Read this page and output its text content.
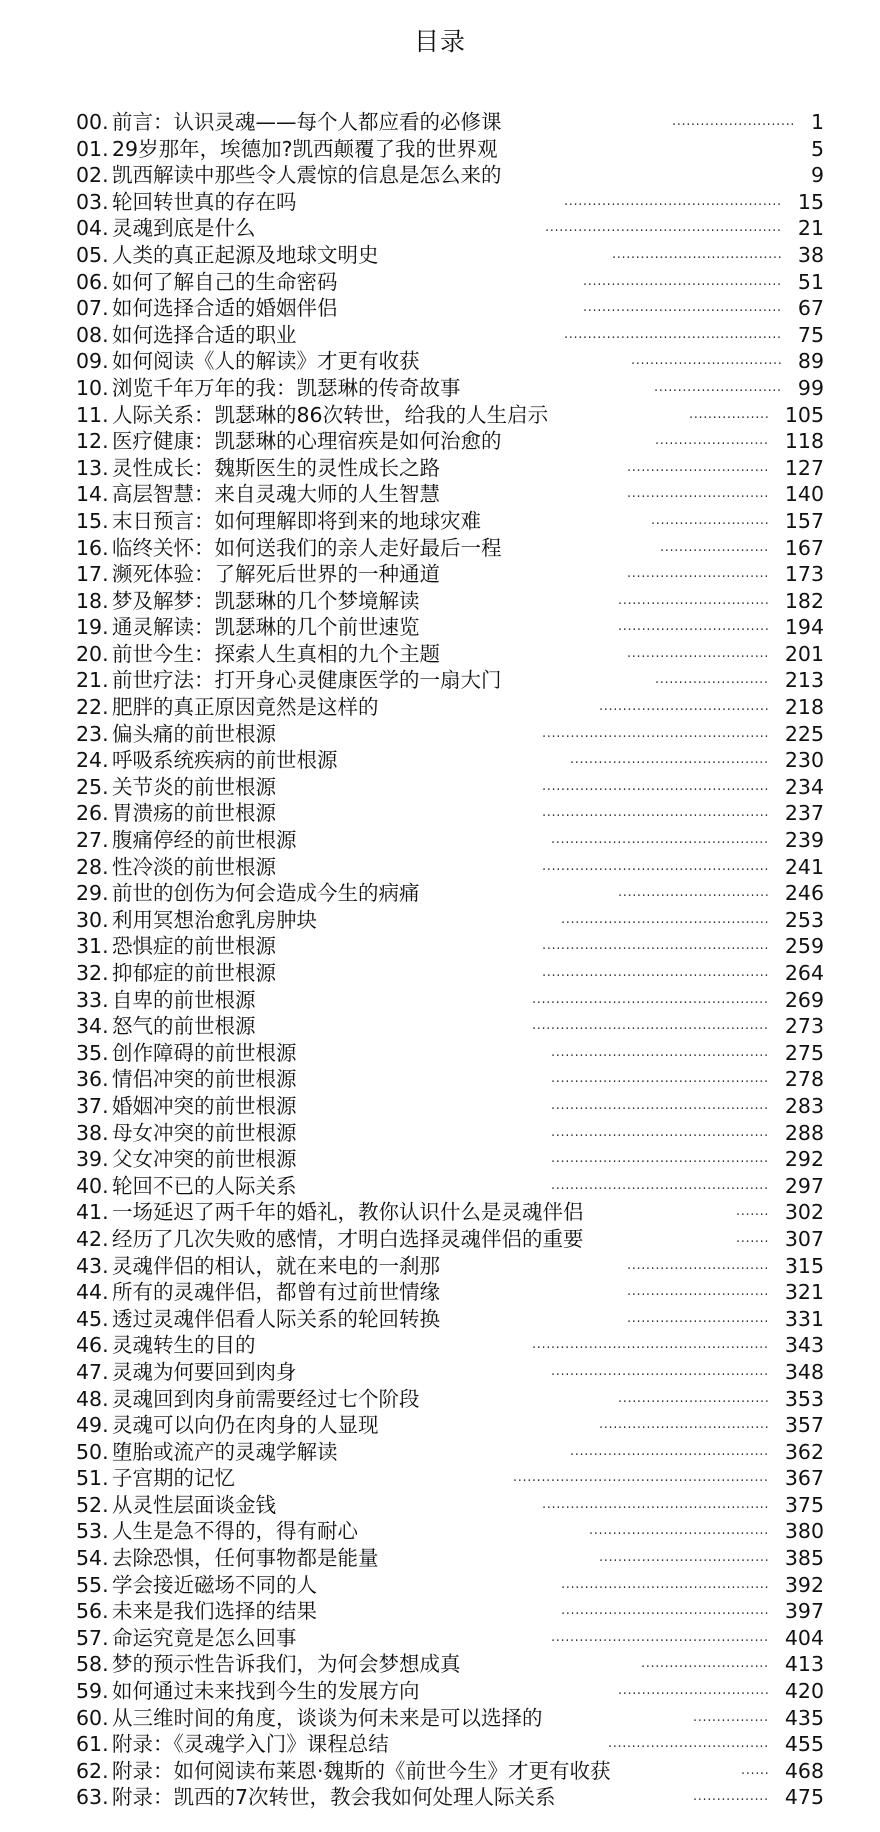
目录
00. 前言：认识灵魂——每个人都应看的必修课	.......................... 1
01. 29岁那年，埃德加?凯西颠覆了我的世界观	5
02. 凯西解读中那些令人震惊的信息是怎么来的	9
03. 轮回转世真的存在吗	.............................................. 15
04. 灵魂到底是什么	.................................................. 21
05. 人类的真正起源及地球文明史	.................................... 38
06. 如何了解自己的生命密码	.......................................... 51
07. 如何选择合适的婚姻伴侣	.......................................... 67
08. 如何选择合适的职业	.............................................. 75
09. 如何阅读《人的解读》才更有收获	................................ 89
10. 浏览千年万年的我：凯瑟琳的传奇故事	........................... 99
11. 人际关系：凯瑟琳的86次转世，给我的人生启示	................. 105
12. 医疗健康：凯瑟琳的心理宿疾是如何治愈的	........................ 118
13. 灵性成长：魏斯医生的灵性成长之路	.............................. 127
14. 高层智慧：来自灵魂大师的人生智慧	.............................. 140
15. 末日预言：如何理解即将到来的地球灾难	......................... 157
16. 临终关怀：如何送我们的亲人走好最后一程	....................... 167
17. 濒死体验：了解死后世界的一种通道	.............................. 173
18. 梦及解梦：凯瑟琳的几个梦境解读	................................ 182
19. 通灵解读：凯瑟琳的几个前世速览	................................ 194
20. 前世今生：探索人生真相的九个主题	.............................. 201
21. 前世疗法：打开身心灵健康医学的一扇大门	........................ 213
22. 肥胖的真正原因竟然是这样的	.................................... 218
23. 偏头痛的前世根源	................................................ 225
24. 呼吸系统疾病的前世根源	.......................................... 230
25. 关节炎的前世根源	................................................ 234
26. 胃溃疡的前世根源	................................................ 237
27. 腹痛停经的前世根源	.............................................. 239
28. 性冷淡的前世根源	................................................ 241
29. 前世的创伤为何会造成今生的病痛	................................ 246
30. 利用冥想治愈乳房肿块	............................................ 253
31. 恐惧症的前世根源	................................................ 259
32. 抑郁症的前世根源	................................................ 264
33. 自卑的前世根源	.................................................. 269
34. 怒气的前世根源	.................................................. 273
35. 创作障碍的前世根源	.............................................. 275
36. 情侣冲突的前世根源	.............................................. 278
37. 婚姻冲突的前世根源	.............................................. 283
38. 母女冲突的前世根源	.............................................. 288
39. 父女冲突的前世根源	.............................................. 292
40. 轮回不已的人际关系	.............................................. 297
41. 一场延迟了两千年的婚礼，教你认识什么是灵魂伴侣	....... 302
42. 经历了几次失败的感情，才明白选择灵魂伴侣的重要	....... 307
43. 灵魂伴侣的相认，就在来电的一刹那	.............................. 315
44. 所有的灵魂伴侣，都曾有过前世情缘	.............................. 321
45. 透过灵魂伴侣看人际关系的轮回转换	.............................. 331
46. 灵魂转生的目的	.................................................. 343
47. 灵魂为何要回到肉身	.............................................. 348
48. 灵魂回到肉身前需要经过七个阶段	................................ 353
49. 灵魂可以向仍在肉身的人显现	.................................... 357
50. 堕胎或流产的灵魂学解读	.......................................... 362
51. 子宫期的记忆	...................................................... 367
52. 从灵性层面谈金钱	................................................ 375
53. 人生是急不得的，得有耐心	...................................... 380
54. 去除恐惧，任何事物都是能量	.................................... 385
55. 学会接近磁场不同的人	............................................ 392
56. 未来是我们选择的结果	............................................ 397
57. 命运究竟是怎么回事	.............................................. 404
58. 梦的预示性告诉我们，为何会梦想成真	........................... 413
59. 如何通过未来找到今生的发展方向	................................ 420
60. 从三维时间的角度，谈谈为何未来是可以选择的	................ 435
61. 附录：《灵魂学入门》课程总结	.................................. 455
62. 附录：如何阅读布莱恩·魏斯的《前世今生》才更有收获	...... 468
63. 附录：凯西的7次转世，教会我如何处理人际关系	................ 475
